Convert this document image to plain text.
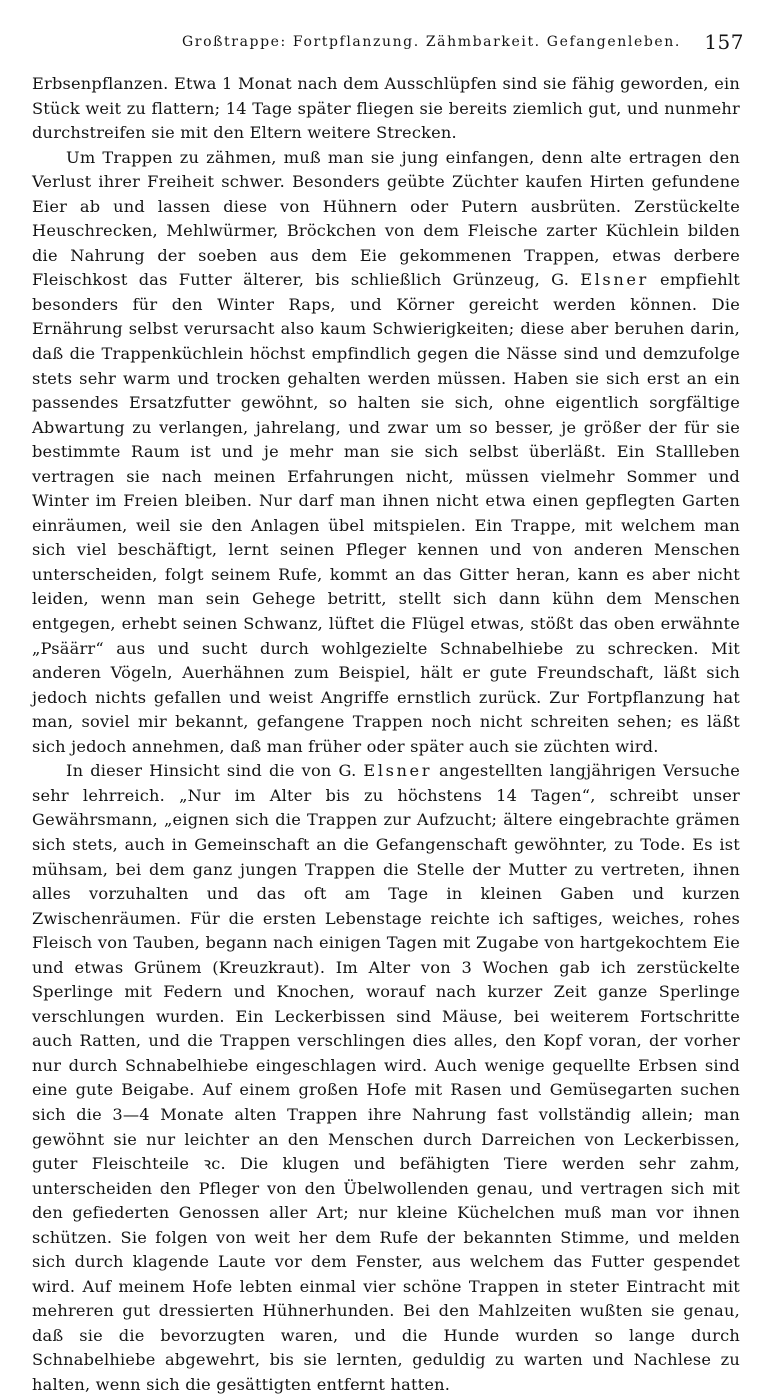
Großtrappe: Fortpflanzung. Zähmbarkeit. Gefangenleben. 157

Erbsenpflanzen. Etwa 1 Monat nach dem Ausschlüpfen sind sie fähig geworden, ein Stück weit zu flattern; 14 Tage später fliegen sie bereits ziemlich gut, und nunmehr durchstreifen sie mit den Eltern weitere Strecken.

Um Trappen zu zähmen, muß man sie jung einfangen, denn alte ertragen den Verlust ihrer Freiheit schwer. Besonders geübte Züchter kaufen Hirten gefundene Eier ab und lassen diese von Hühnern oder Putern ausbrüten. Zerstückelte Heuschrecken, Mehlwürmer, Bröckchen von dem Fleische zarter Küchlein bilden die Nahrung der soeben aus dem Eie gekommenen Trappen, etwas derbere Fleischkost das Futter älterer, bis schließlich Grünzeug, G. Elsner empfiehlt besonders für den Winter Raps, und Körner gereicht werden können. Die Ernährung selbst verursacht also kaum Schwierigkeiten; diese aber beruhen darin, daß die Trappenküchlein höchst empfindlich gegen die Nässe sind und demzufolge stets sehr warm und trocken gehalten werden müssen. Haben sie sich erst an ein passendes Ersatzfutter gewöhnt, so halten sie sich, ohne eigentlich sorgfältige Abwartung zu verlangen, jahrelang, und zwar um so besser, je größer der für sie bestimmte Raum ist und je mehr man sie sich selbst überläßt. Ein Stallleben vertragen sie nach meinen Erfahrungen nicht, müssen vielmehr Sommer und Winter im Freien bleiben. Nur darf man ihnen nicht etwa einen gepflegten Garten einräumen, weil sie den Anlagen übel mitspielen. Ein Trappe, mit welchem man sich viel beschäftigt, lernt seinen Pfleger kennen und von anderen Menschen unterscheiden, folgt seinem Rufe, kommt an das Gitter heran, kann es aber nicht leiden, wenn man sein Gehege betritt, stellt sich dann kühn dem Menschen entgegen, erhebt seinen Schwanz, lüftet die Flügel etwas, stößt das oben erwähnte „Psäärr“ aus und sucht durch wohlgezielte Schnabelhiebe zu schrecken. Mit anderen Vögeln, Auerhähnen zum Beispiel, hält er gute Freundschaft, läßt sich jedoch nichts gefallen und weist Angriffe ernstlich zurück. Zur Fortpflanzung hat man, soviel mir bekannt, gefangene Trappen noch nicht schreiten sehen; es läßt sich jedoch annehmen, daß man früher oder später auch sie züchten wird.

In dieser Hinsicht sind die von G. Elsner angestellten langjährigen Versuche sehr lehrreich. „Nur im Alter bis zu höchstens 14 Tagen“, schreibt unser Gewährsmann, „eignen sich die Trappen zur Aufzucht; ältere eingebrachte grämen sich stets, auch in Gemeinschaft an die Gefangenschaft gewöhnter, zu Tode. Es ist mühsam, bei dem ganz jungen Trappen die Stelle der Mutter zu vertreten, ihnen alles vorzuhalten und das oft am Tage in kleinen Gaben und kurzen Zwischenräumen. Für die ersten Lebenstage reichte ich saftiges, weiches, rohes Fleisch von Tauben, begann nach einigen Tagen mit Zugabe von hartgekochtem Eie und etwas Grünem (Kreuzkraut). Im Alter von 3 Wochen gab ich zerstückelte Sperlinge mit Federn und Knochen, worauf nach kurzer Zeit ganze Sperlinge verschlungen wurden. Ein Leckerbissen sind Mäuse, bei weiterem Fortschritte auch Ratten, und die Trappen verschlingen dies alles, den Kopf voran, der vorher nur durch Schnabelhiebe eingeschlagen wird. Auch wenige gequellte Erbsen sind eine gute Beigabe. Auf einem großen Hofe mit Rasen und Gemüsegarten suchen sich die 3—4 Monate alten Trappen ihre Nahrung fast vollständig allein; man gewöhnt sie nur leichter an den Menschen durch Darreichen von Leckerbissen, guter Fleischteile ꝛc. Die klugen und befähigten Tiere werden sehr zahm, unterscheiden den Pfleger von den Übelwollenden genau, und vertragen sich mit den gefiederten Genossen aller Art; nur kleine Küchelchen muß man vor ihnen schützen. Sie folgen von weit her dem Rufe der bekannten Stimme, und melden sich durch klagende Laute vor dem Fenster, aus welchem das Futter gespendet wird. Auf meinem Hofe lebten einmal vier schöne Trappen in steter Eintracht mit mehreren gut dressierten Hühnerhunden. Bei den Mahlzeiten wußten sie genau, daß sie die bevorzugten waren, und die Hunde wurden so lange durch Schnabelhiebe abgewehrt, bis sie lernten, geduldig zu warten und Nachlese zu halten, wenn sich die gesättigten entfernt hatten.
